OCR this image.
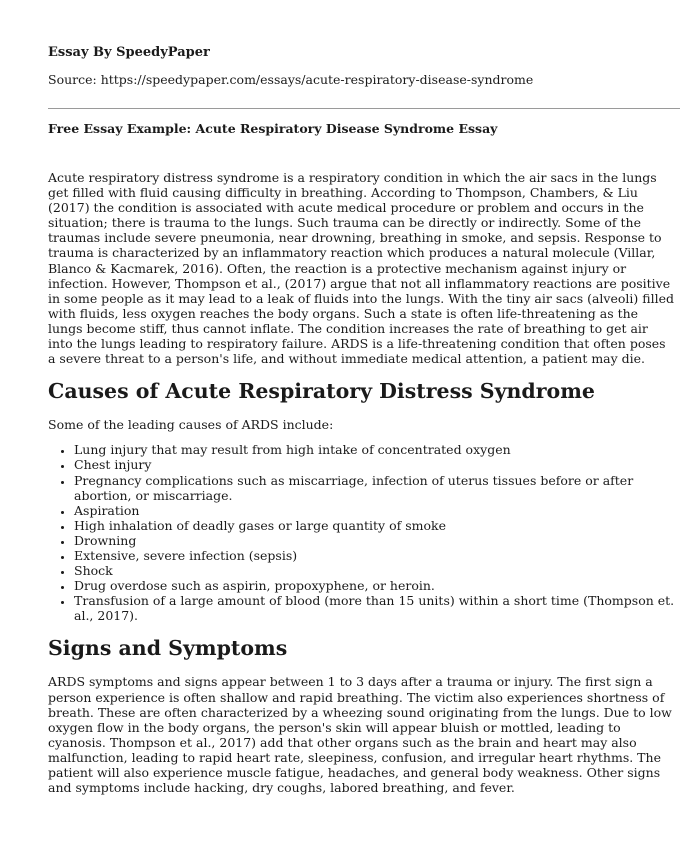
Essay By SpeedyPaper
Source: https://speedypaper.com/essays/acute-respiratory-disease-syndrome
Free Essay Example: Acute Respiratory Disease Syndrome Essay

Acute respiratory distress syndrome is a respiratory condition in which the air sacs in the lungs get filled with fluid causing difficulty in breathing. According to Thompson, Chambers, & Liu (2017) the condition is associated with acute medical procedure or problem and occurs in the situation; there is trauma to the lungs. Such trauma can be directly or indirectly. Some of the traumas include severe pneumonia, near drowning, breathing in smoke, and sepsis. Response to trauma is characterized by an inflammatory reaction which produces a natural molecule (Villar, Blanco & Kacmarek, 2016). Often, the reaction is a protective mechanism against injury or infection. However, Thompson et al., (2017) argue that not all inflammatory reactions are positive in some people as it may lead to a leak of fluids into the lungs. With the tiny air sacs (alveoli) filled with fluids, less oxygen reaches the body organs. Such a state is often life-threatening as the lungs become stiff, thus cannot inflate. The condition increases the rate of breathing to get air into the lungs leading to respiratory failure. ARDS is a life-threatening condition that often poses a severe threat to a person's life, and without immediate medical attention, a patient may die.

Causes of Acute Respiratory Distress Syndrome

Some of the leading causes of ARDS include:

• Lung injury that may result from high intake of concentrated oxygen
• Chest injury
• Pregnancy complications such as miscarriage, infection of uterus tissues before or after abortion, or miscarriage.
• Aspiration
• High inhalation of deadly gases or large quantity of smoke
• Drowning
• Extensive, severe infection (sepsis)
• Shock
• Drug overdose such as aspirin, propoxyphene, or heroin.
• Transfusion of a large amount of blood (more than 15 units) within a short time (Thompson et. al., 2017).
Signs and Symptoms

ARDS symptoms and signs appear between 1 to 3 days after a trauma or injury. The first sign a person experience is often shallow and rapid breathing. The victim also experiences shortness of breath. These are often characterized by a wheezing sound originating from the lungs. Due to low oxygen flow in the body organs, the person's skin will appear bluish or mottled, leading to cyanosis. Thompson et al., 2017) add that other organs such as the brain and heart may also malfunction, leading to rapid heart rate, sleepiness, confusion, and irregular heart rhythms. The patient will also experience muscle fatigue, headaches, and general body weakness. Other signs and symptoms include hacking, dry coughs, labored breathing, and fever.
